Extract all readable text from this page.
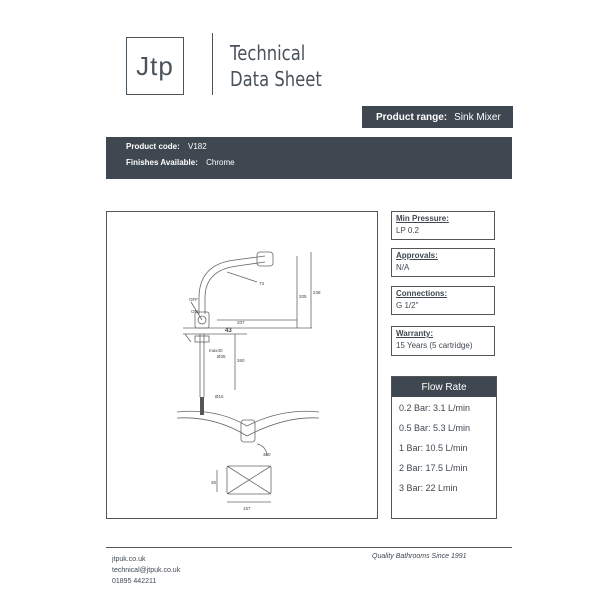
Jtp	Technical
Data Sheet
Product range: Sink Mixer
Product code: V182
Finishes Available: Chrome
OFF
ON
73
205
238
207
43
Ø35
260
Ø15
360
35
157
max40
Min Pressure:
LP 0.2
Approvals:
N/A
Connections:
G 1/2"
Warranty:
15 Years (5 cartridge)
Flow Rate
0.2 Bar: 3.1 L/min
0.5 Bar: 5.3 L/min
1 Bar: 10.5 L/min
2 Bar: 17.5 L/min
3 Bar: 22 Lmin
jtpuk.co.uk
technical@jtpuk.co.uk
01895 442211
Quality Bathrooms Since 1991
